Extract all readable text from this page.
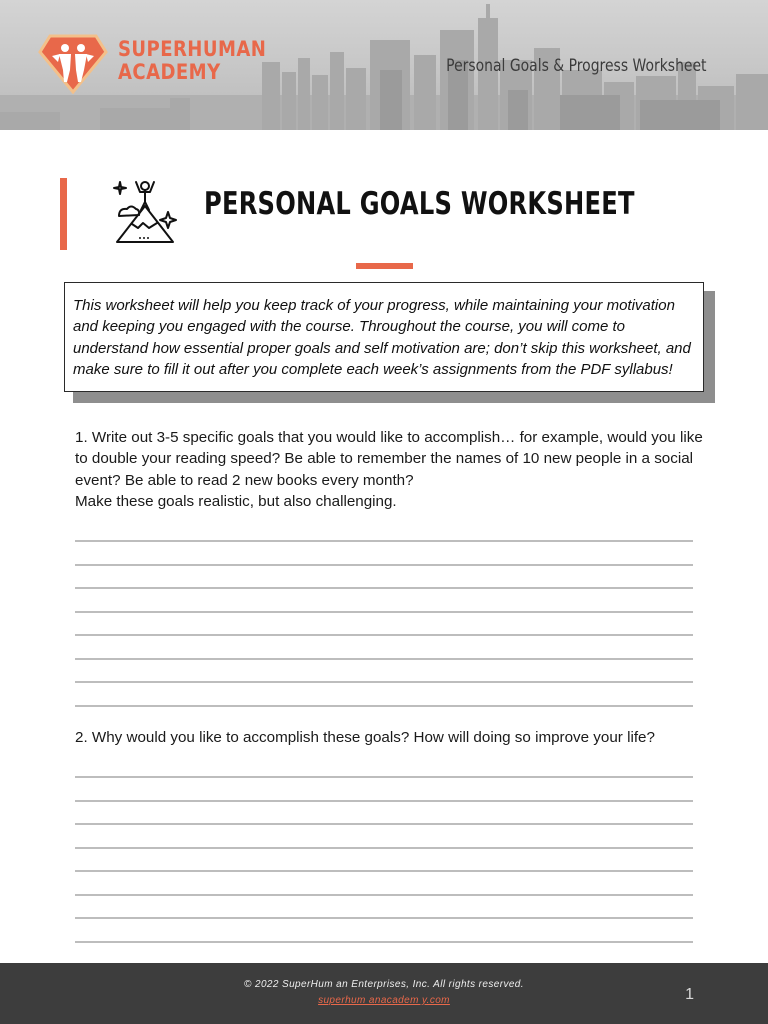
SUPERHUMAN
ACADEMY	Personal Goals & Progress Worksheet
PERSONAL GOALS WORKSHEET
This worksheet will help you keep track of your progress, while maintaining your motivation and keeping you engaged with the course. Throughout the course, you will come to understand how essential proper goals and self motivation are; don’t skip this worksheet, and make sure to fill it out after you complete each week’s assignments from the PDF syllabus!
1. Write out 3-5 specific goals that you would like to accomplish… for example, would you like to double your reading speed? Be able to remember the names of 10 new people in a social event? Be able to read 2 new books every month?
Make these goals realistic, but also challenging.
2. Why would you like to accomplish these goals? How will doing so improve your life?
© 2022 SuperHum an Enterprises, Inc. All rights reserved.
superhum anacadem y.com	1
